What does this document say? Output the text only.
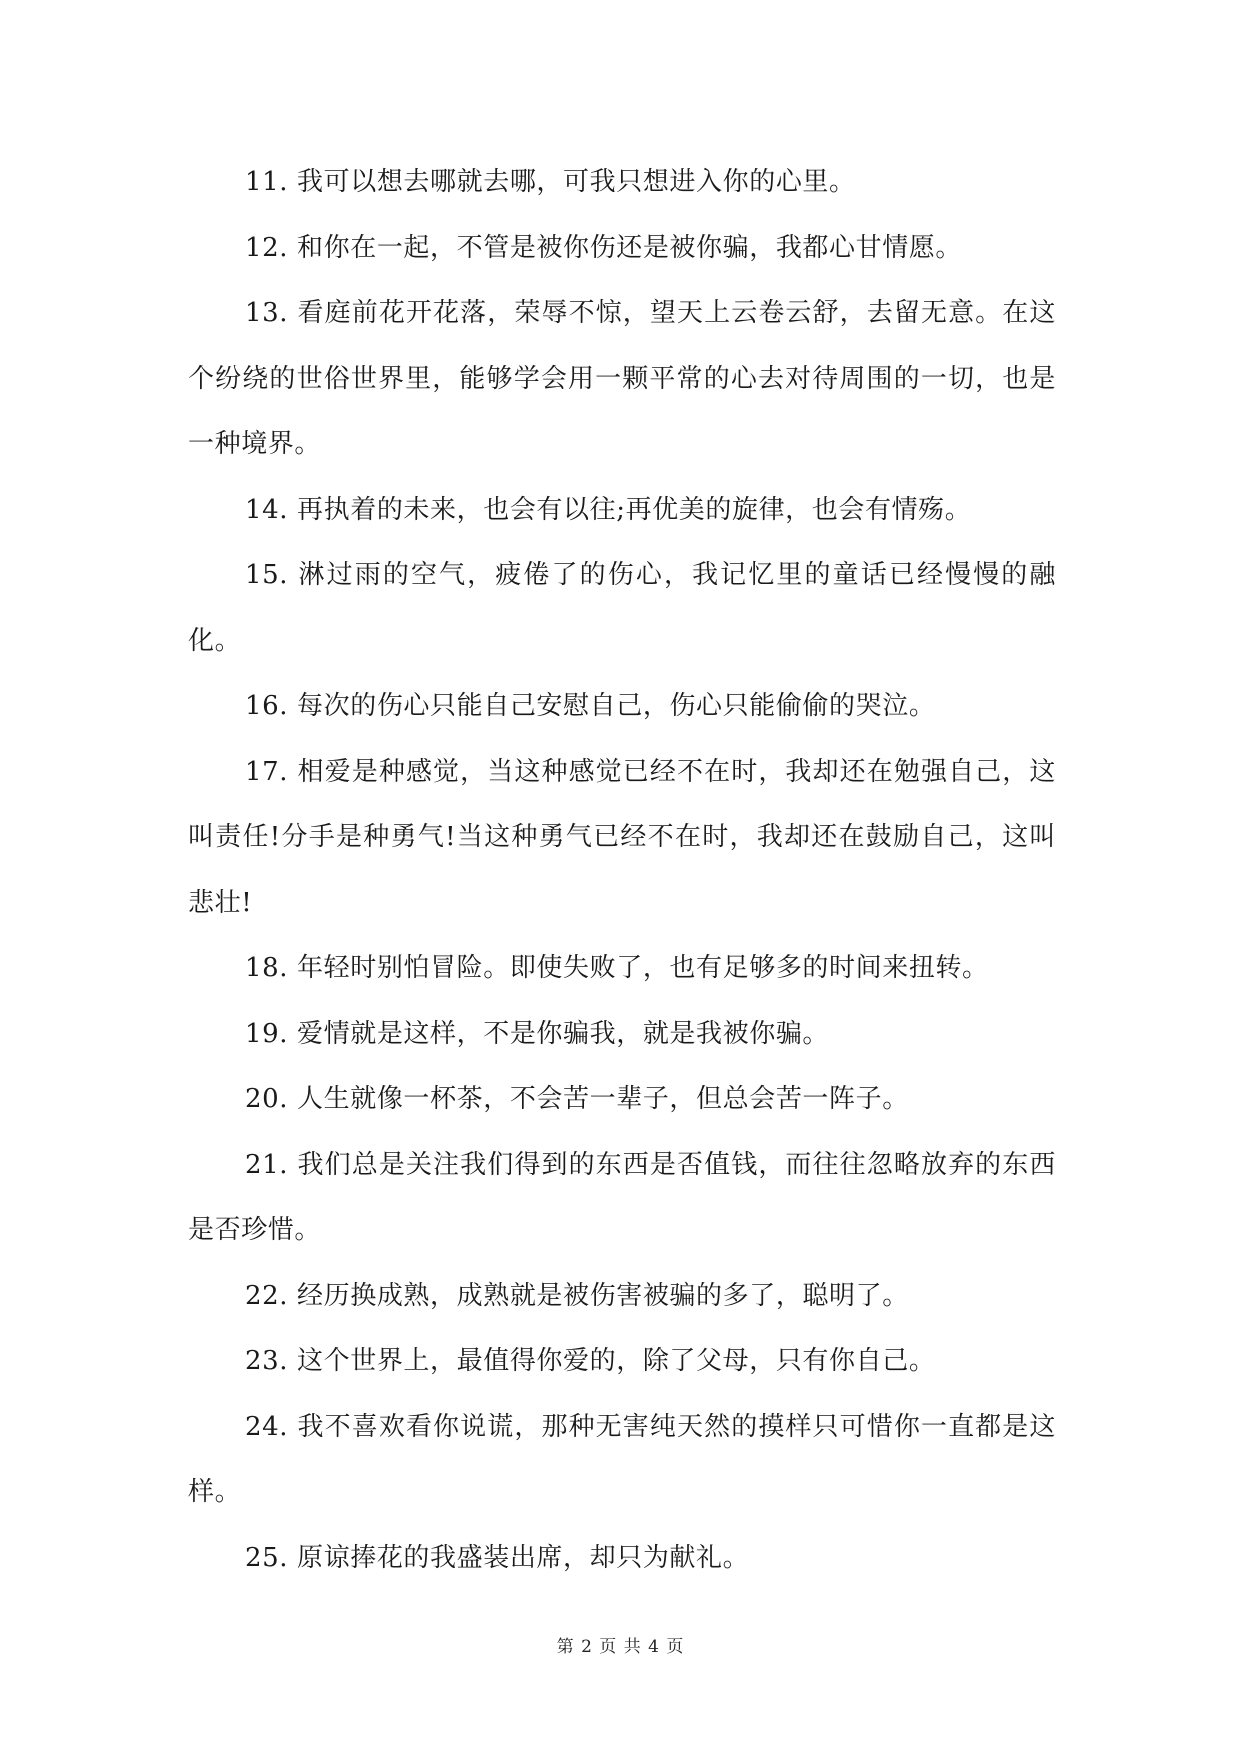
11. 我可以想去哪就去哪，可我只想进入你的心里。

12. 和你在一起，不管是被你伤还是被你骗，我都心甘情愿。

13. 看庭前花开花落，荣辱不惊，望天上云卷云舒，去留无意。在这个纷绕的世俗世界里，能够学会用一颗平常的心去对待周围的一切，也是一种境界。

14. 再执着的未来，也会有以往;再优美的旋律，也会有情殇。

15. 淋过雨的空气，疲倦了的伤心，我记忆里的童话已经慢慢的融化。

16. 每次的伤心只能自己安慰自己，伤心只能偷偷的哭泣。

17. 相爱是种感觉，当这种感觉已经不在时，我却还在勉强自己，这叫责任!分手是种勇气!当这种勇气已经不在时，我却还在鼓励自己，这叫悲壮!

18. 年轻时别怕冒险。即使失败了，也有足够多的时间来扭转。

19. 爱情就是这样，不是你骗我，就是我被你骗。

20. 人生就像一杯茶，不会苦一辈子，但总会苦一阵子。

21. 我们总是关注我们得到的东西是否值钱，而往往忽略放弃的东西是否珍惜。

22. 经历换成熟，成熟就是被伤害被骗的多了，聪明了。

23. 这个世界上，最值得你爱的，除了父母，只有你自己。

24. 我不喜欢看你说谎，那种无害纯天然的摸样只可惜你一直都是这样。

25. 原谅捧花的我盛装出席，却只为献礼。

第 2 页 共 4 页
